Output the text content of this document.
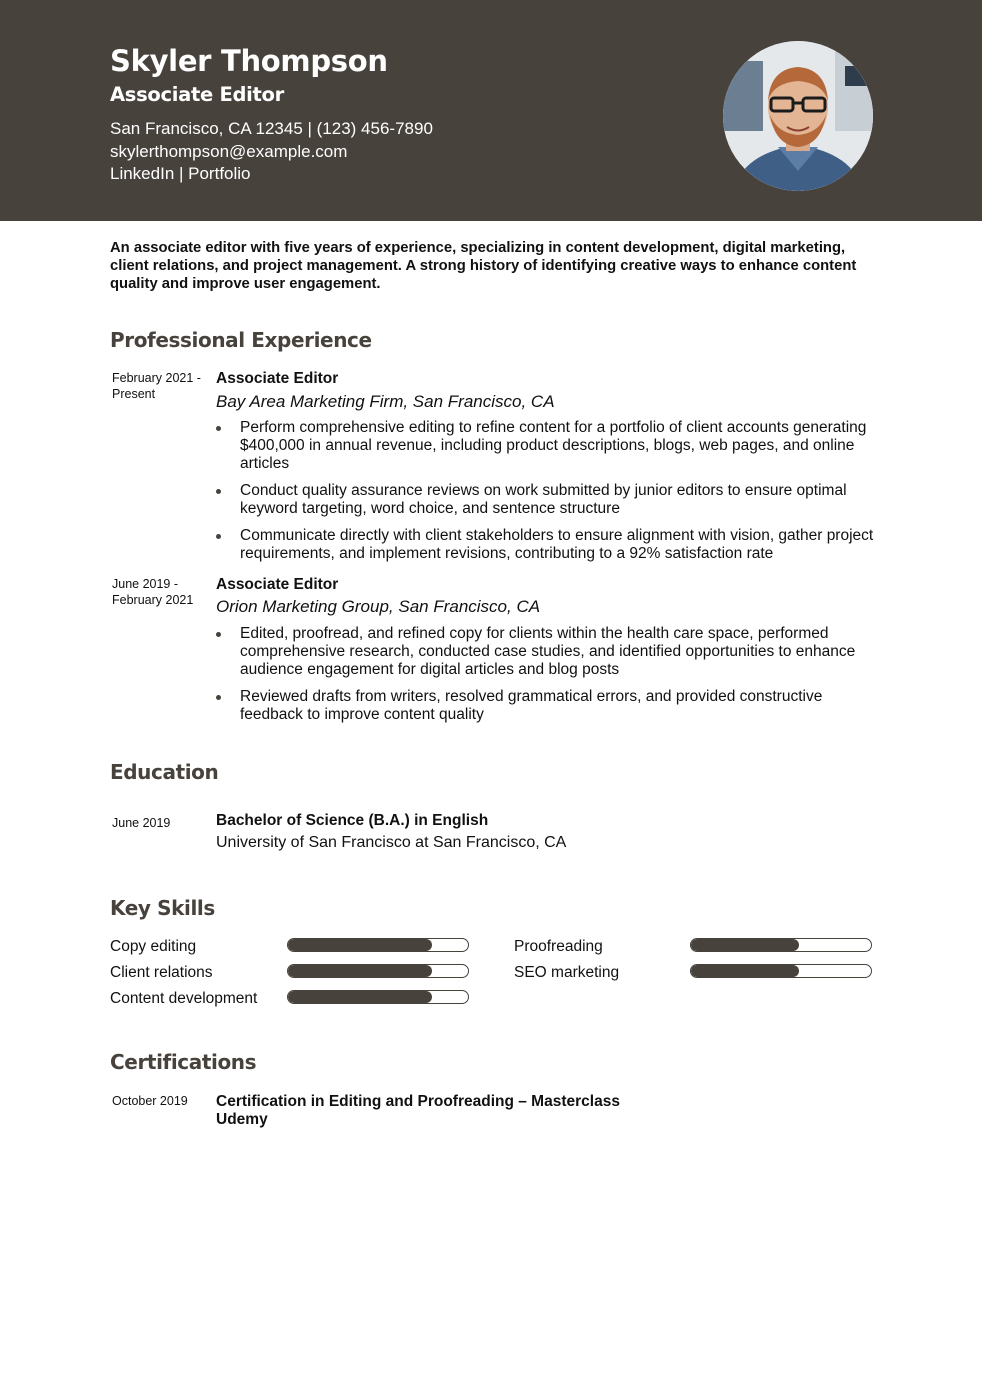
Skyler Thompson
Associate Editor
San Francisco, CA 12345 | (123) 456-7890
skylerthompson@example.com
LinkedIn | Portfolio
An associate editor with five years of experience, specializing in content development, digital marketing, client relations, and project management. A strong history of identifying creative ways to enhance content quality and improve user engagement.
Professional Experience
February 2021 - Present
Associate Editor
Bay Area Marketing Firm, San Francisco, CA
Perform comprehensive editing to refine content for a portfolio of client accounts generating $400,000 in annual revenue, including product descriptions, blogs, web pages, and online articles
Conduct quality assurance reviews on work submitted by junior editors to ensure optimal keyword targeting, word choice, and sentence structure
Communicate directly with client stakeholders to ensure alignment with vision, gather project requirements, and implement revisions, contributing to a 92% satisfaction rate
June 2019 - February 2021
Associate Editor
Orion Marketing Group, San Francisco, CA
Edited, proofread, and refined copy for clients within the health care space, performed comprehensive research, conducted case studies, and identified opportunities to enhance audience engagement for digital articles and blog posts
Reviewed drafts from writers, resolved grammatical errors, and provided constructive feedback to improve content quality
Education
June 2019	Bachelor of Science (B.A.) in English
University of San Francisco at San Francisco, CA
Key Skills
Copy editing
Client relations
Content development
Proofreading
SEO marketing
Certifications
October 2019	Certification in Editing and Proofreading – Masterclass Udemy
